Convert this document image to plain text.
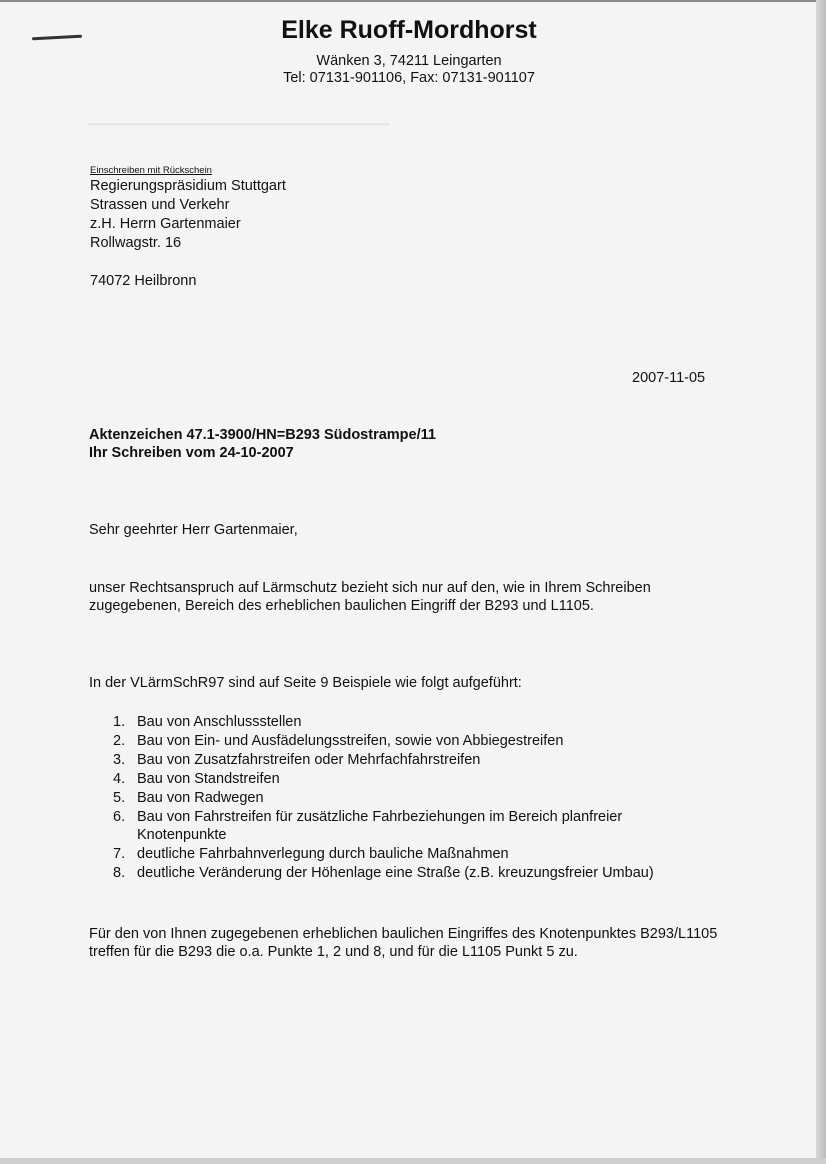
▁▁▁▁▁▁▁▁▁▁▁▁▁▁▁▁▁▁▁▁▁▁▁▁▁▁▁▁▁

Elke Ruoff-Mordhorst
Wänken 3, 74211 Leingarten
Tel: 07131-901106, Fax: 07131-901107
Einschreiben mit Rückschein
Regierungspräsidium Stuttgart
Strassen und Verkehr
z.H. Herrn Gartenmaier
Rollwagstr. 16
74072 Heilbronn
2007-11-05
Aktenzeichen 47.1-3900/HN=B293 Südostrampe/11
Ihr Schreiben vom 24-10-2007
Sehr geehrter Herr Gartenmaier,
unser Rechtsanspruch auf Lärmschutz bezieht sich nur auf den, wie in Ihrem Schreiben zugegebenen, Bereich des erheblichen baulichen Eingriff der B293 und L1105.
In der VLärmSchR97 sind auf Seite 9 Beispiele wie folgt aufgeführt:
1. Bau von Anschlussstellen
2. Bau von Ein- und Ausfädelungsstreifen, sowie von Abbiegestreifen
3. Bau von Zusatzfahrstreifen oder Mehrfachfahrstreifen
4. Bau von Standstreifen
5. Bau von Radwegen
6. Bau von Fahrstreifen für zusätzliche Fahrbeziehungen im Bereich planfreier Knotenpunkte
7. deutliche Fahrbahnverlegung durch bauliche Maßnahmen
8. deutliche Veränderung der Höhenlage eine Straße (z.B. kreuzungsfreier Umbau)
Für den von Ihnen zugegebenen erheblichen baulichen Eingriffes des Knotenpunktes B293/L1105 treffen für die B293 die o.a. Punkte 1, 2 und 8, und für die L1105 Punkt 5 zu.
